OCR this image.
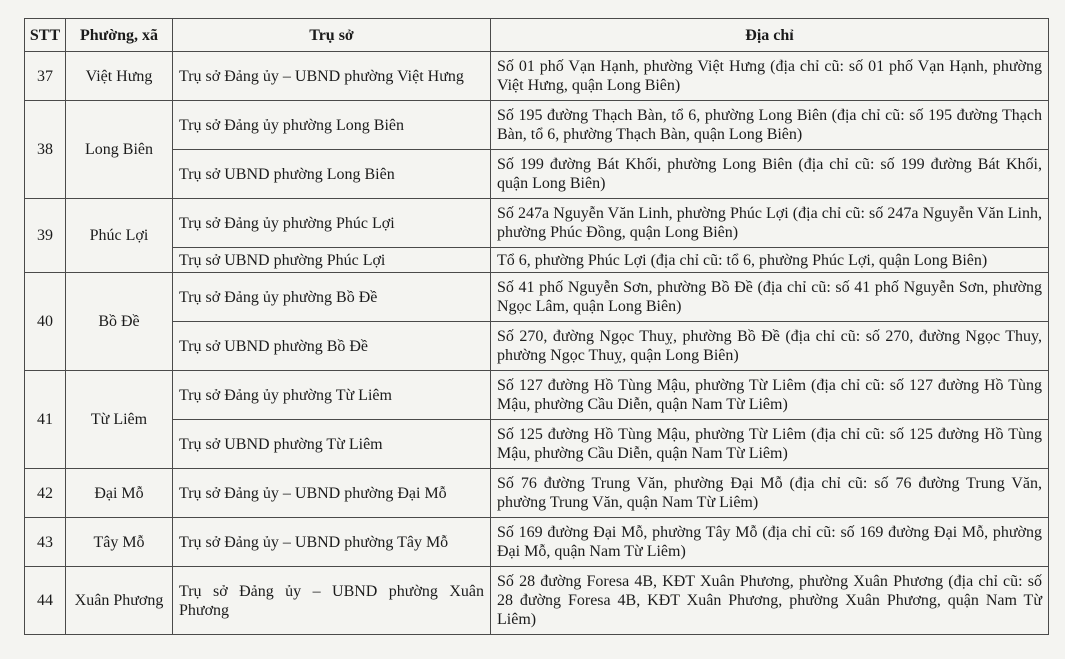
STT	Phường, xã	Trụ sở	Địa chỉ
37	Việt Hưng	Trụ sở Đảng ủy – UBND phường Việt Hưng	Số 01 phố Vạn Hạnh, phường Việt Hưng (địa chỉ cũ: số 01 phố Vạn Hạnh, phường Việt Hưng, quận Long Biên)
38	Long Biên	Trụ sở Đảng ủy phường Long Biên	Số 195 đường Thạch Bàn, tổ 6, phường Long Biên (địa chỉ cũ: số 195 đường Thạch Bàn, tổ 6, phường Thạch Bàn, quận Long Biên)
		Trụ sở UBND phường Long Biên	Số 199 đường Bát Khối, phường Long Biên (địa chỉ cũ: số 199 đường Bát Khối, quận Long Biên)
39	Phúc Lợi	Trụ sở Đảng ủy phường Phúc Lợi	Số 247a Nguyễn Văn Linh, phường Phúc Lợi (địa chỉ cũ: số 247a Nguyễn Văn Linh, phường Phúc Đồng, quận Long Biên)
		Trụ sở UBND phường Phúc Lợi	Tổ 6, phường Phúc Lợi (địa chỉ cũ: tổ 6, phường Phúc Lợi, quận Long Biên)
40	Bồ Đề	Trụ sở Đảng ủy phường Bồ Đề	Số 41 phố Nguyễn Sơn, phường Bồ Đề (địa chỉ cũ: số 41 phố Nguyễn Sơn, phường Ngọc Lâm, quận Long Biên)
		Trụ sở UBND phường Bồ Đề	Số 270, đường Ngọc Thuỵ, phường Bồ Đề (địa chỉ cũ: số 270, đường Ngọc Thuy, phường Ngọc Thuỵ, quận Long Biên)
41	Từ Liêm	Trụ sở Đảng ủy phường Từ Liêm	Số 127 đường Hồ Tùng Mậu, phường Từ Liêm (địa chỉ cũ: số 127 đường Hồ Tùng Mậu, phường Cầu Diễn, quận Nam Từ Liêm)
		Trụ sở UBND phường Từ Liêm	Số 125 đường Hồ Tùng Mậu, phường Từ Liêm (địa chỉ cũ: số 125 đường Hồ Tùng Mậu, phường Cầu Diễn, quận Nam Từ Liêm)
42	Đại Mỗ	Trụ sở Đảng ủy – UBND phường Đại Mỗ	Số 76 đường Trung Văn, phường Đại Mỗ (địa chỉ cũ: số 76 đường Trung Văn, phường Trung Văn, quận Nam Từ Liêm)
43	Tây Mỗ	Trụ sở Đảng ủy – UBND phường Tây Mỗ	Số 169 đường Đại Mỗ, phường Tây Mỗ (địa chỉ cũ: số 169 đường Đại Mỗ, phường Đại Mỗ, quận Nam Từ Liêm)
44	Xuân Phương	Trụ sở Đảng ủy – UBND phường Xuân Phương	Số 28 đường Foresa 4B, KĐT Xuân Phương, phường Xuân Phương (địa chỉ cũ: số 28 đường Foresa 4B, KĐT Xuân Phương, phường Xuân Phương, quận Nam Từ Liêm)
